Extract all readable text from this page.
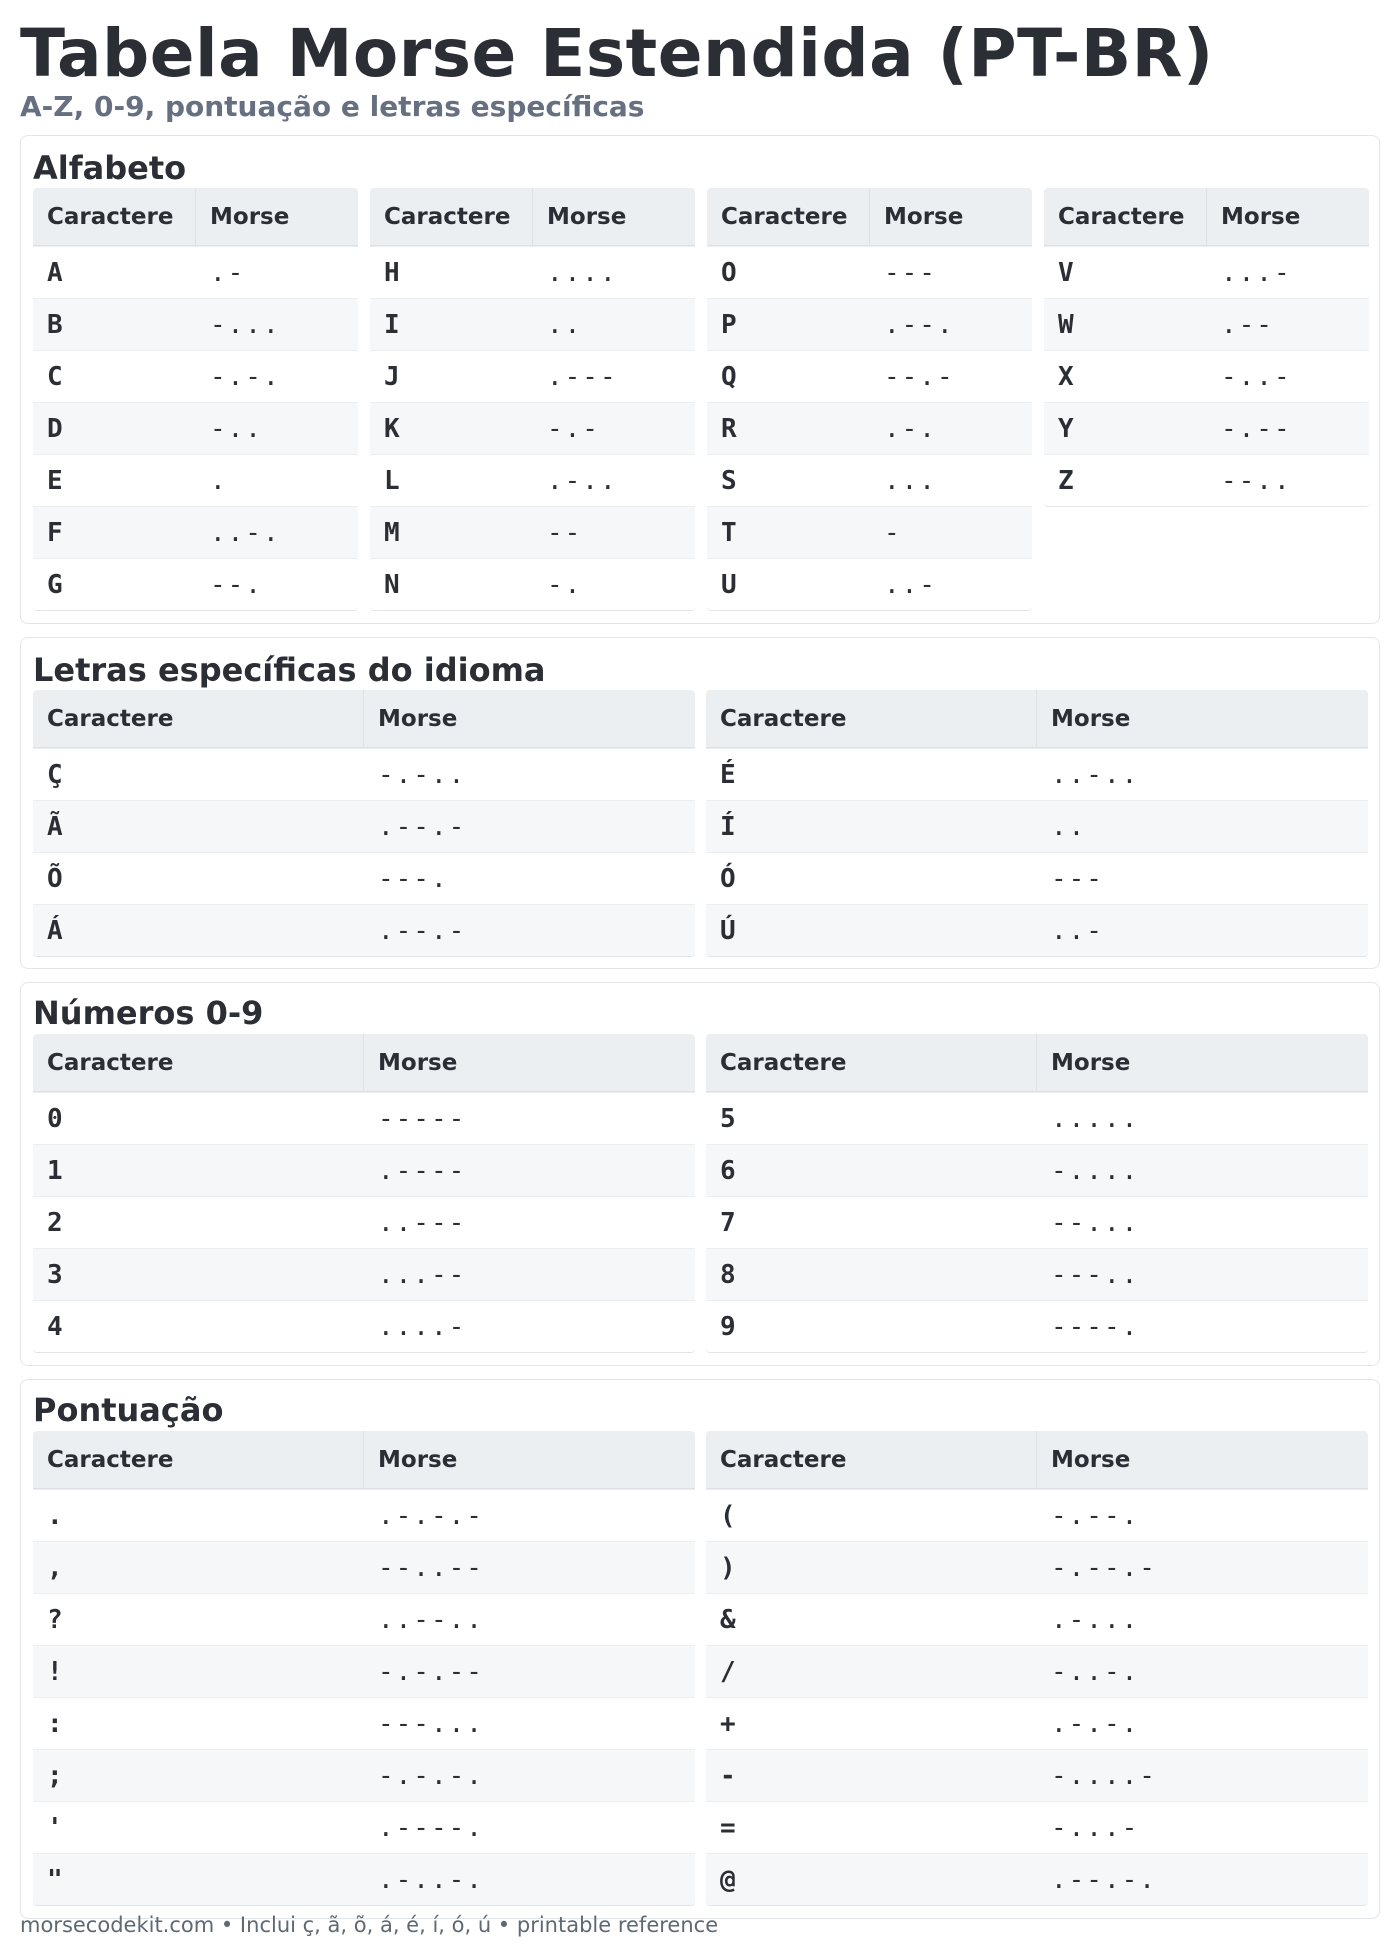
Tabela Morse Estendida (PT-BR)
A-Z, 0-9, pontuação e letras específicas
Alfabeto
Caractere	Morse
A	.-
B	-...
C	-.-.
D	-..
E	.
F	..-.
G	--.
Caractere	Morse
H	....
I	..
J	.---
K	-.-
L	.-..
M	--
N	-.
Caractere	Morse
O	---
P	.--.
Q	--.-
R	.-.
S	...
T	-
U	..-
Caractere	Morse
V	...-
W	.--
X	-..-
Y	-.--
Z	--..
Letras específicas do idioma
Caractere	Morse
Ç	-.-..
Ã	.--.-
Õ	---.
Á	.--.-
Caractere	Morse
É	..-..
Í	..
Ó	---
Ú	..-
Números 0-9
Caractere	Morse
0	-----
1	.----
2	..---
3	...--
4	....-
Caractere	Morse
5	.....
6	-....
7	--...
8	---..
9	----.
Pontuação
Caractere	Morse
.	.-.-.-
,	--..--
?	..--..
!	-.-.--
:	---...
;	-.-.-.
'	.----.
"	.-..-.
Caractere	Morse
(	-.--.
)	-.--.-
&	.-...
/	-..-.
+	.-.-.
-	-....-
=	-...-
@	.--.-.
morsecodekit.com • Inclui ç, ã, õ, á, é, í, ó, ú • printable reference
